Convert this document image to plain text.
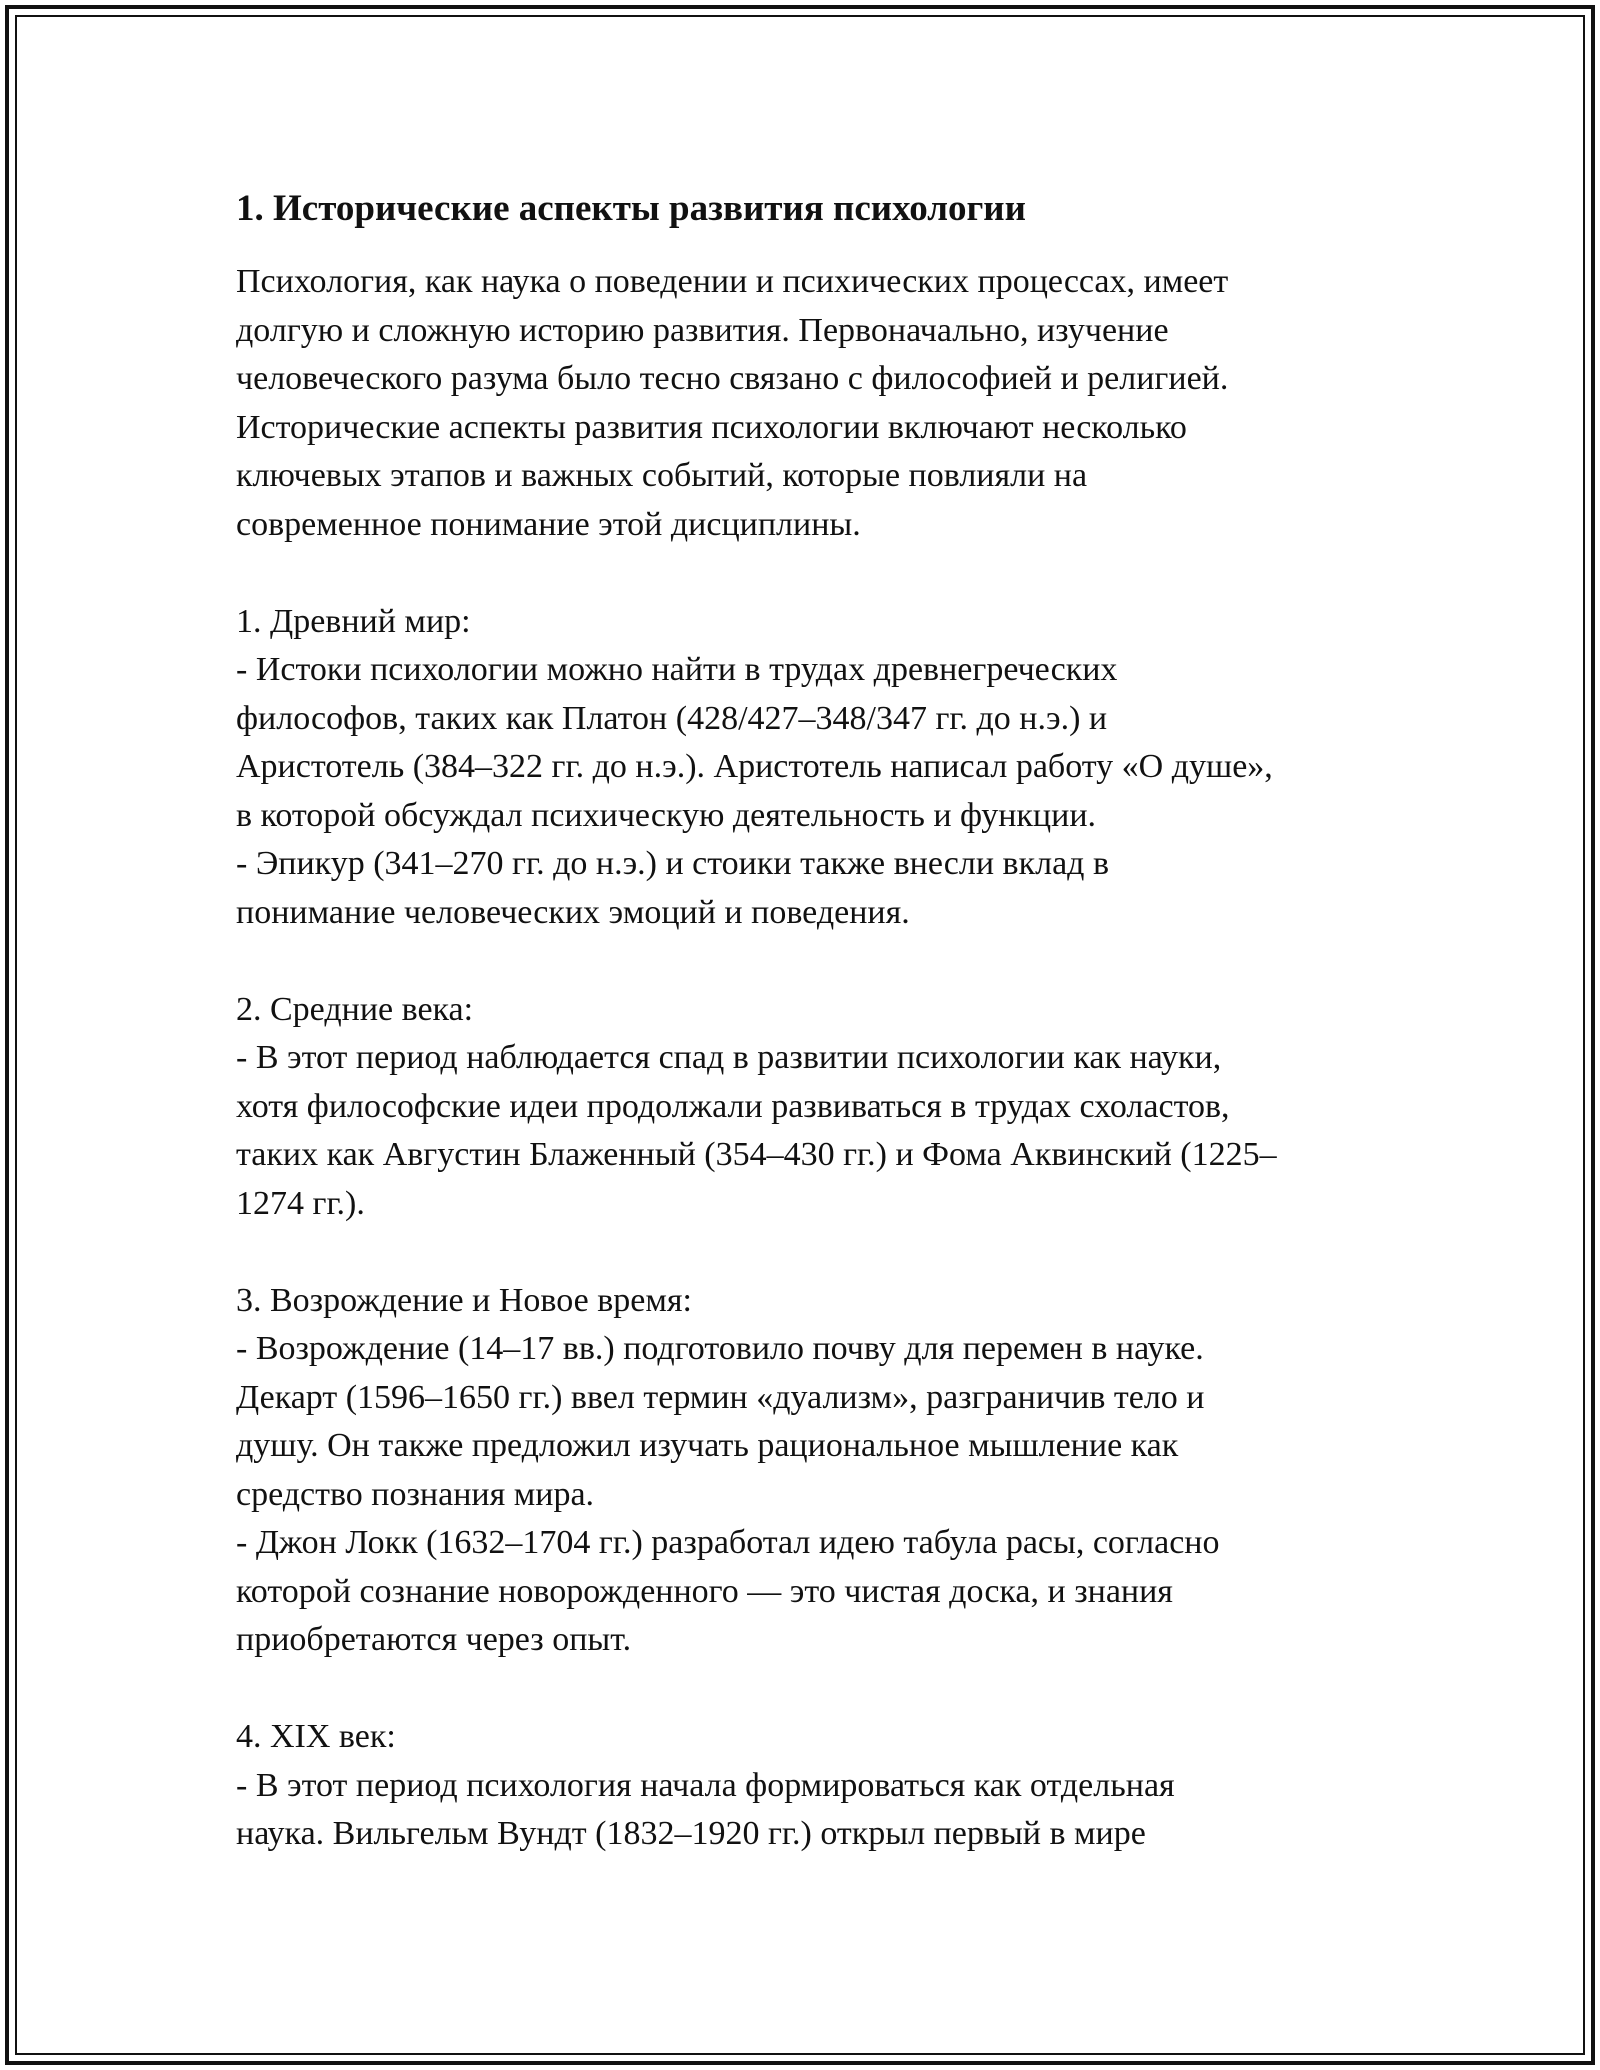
1. Исторические аспекты развития психологии

Психология, как наука о поведении и психических процессах, имеет
долгую и сложную историю развития. Первоначально, изучение
человеческого разума было тесно связано с философией и религией.
Исторические аспекты развития психологии включают несколько
ключевых этапов и важных событий, которые повлияли на
современное понимание этой дисциплины.

1. Древний мир:

- Истоки психологии можно найти в трудах древнегреческих
философов, таких как Платон (428/427–348/347 гг. до н.э.) и
Аристотель (384–322 гг. до н.э.). Аристотель написал работу «О душе»,
в которой обсуждал психическую деятельность и функции.

- Эпикур (341–270 гг. до н.э.) и стоики также внесли вклад в
понимание человеческих эмоций и поведения.

2. Средние века:

- В этот период наблюдается спад в развитии психологии как науки,
хотя философские идеи продолжали развиваться в трудах схоластов,
таких как Августин Блаженный (354–430 гг.) и Фома Аквинский (1225–
1274 гг.).

3. Возрождение и Новое время:

- Возрождение (14–17 вв.) подготовило почву для перемен в науке.
Декарт (1596–1650 гг.) ввел термин «дуализм», разграничив тело и
душу. Он также предложил изучать рациональное мышление как
средство познания мира.

- Джон Локк (1632–1704 гг.) разработал идею табула расы, согласно
которой сознание новорожденного — это чистая доска, и знания
приобретаются через опыт.

4. XIX век:

- В этот период психология начала формироваться как отдельная
наука. Вильгельм Вундт (1832–1920 гг.) открыл первый в мире
